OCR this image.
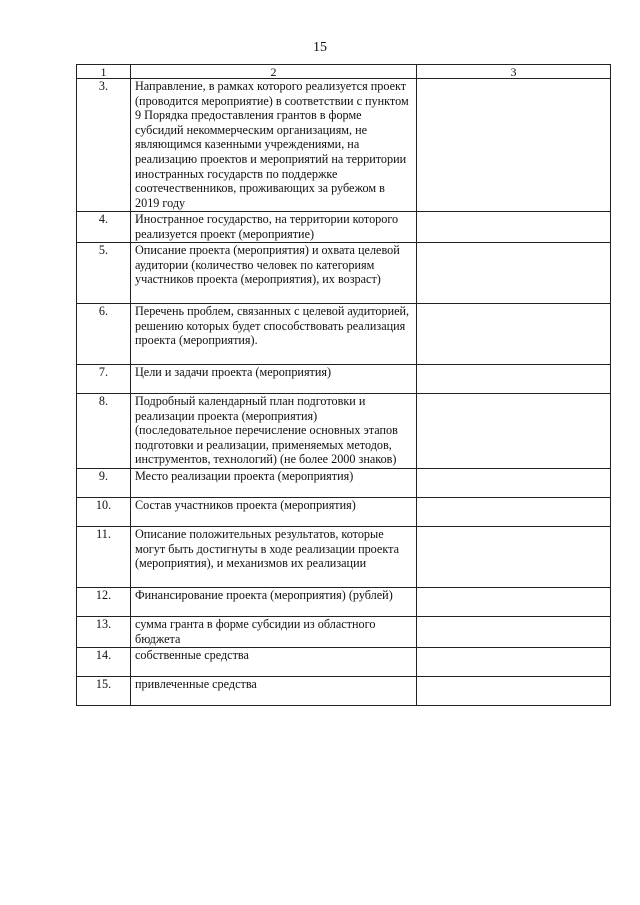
15
1	2	3
3.	Направление, в рамках которого реализуется проект (проводится мероприятие) в соответствии с пунктом 9 Порядка предоставления грантов в форме субсидий некоммерческим организациям, не являющимся казенными учреждениями, на реализацию проектов и мероприятий на территории иностранных государств по поддержке соотечественников, проживающих за рубежом в 2019 году	
4.	Иностранное государство, на территории которого реализуется проект (мероприятие)	
5.	Описание проекта (мероприятия) и охвата целевой аудитории (количество человек по категориям участников проекта (мероприятия), их возраст)	
6.	Перечень проблем, связанных с целевой аудиторией, решению которых будет способствовать реализация проекта (мероприятия).	
7.	Цели и задачи проекта (мероприятия)	
8.	Подробный календарный план подготовки и реализации проекта (мероприятия) (последовательное перечисление основных этапов подготовки и реализации, применяемых методов, инструментов, технологий) (не более 2000 знаков)	
9.	Место реализации проекта (мероприятия)	
10.	Состав участников проекта (мероприятия)	
11.	Описание положительных результатов, которые могут быть достигнуты в ходе реализации проекта (мероприятия), и механизмов их реализации	
12.	Финансирование проекта (мероприятия) (рублей)	
13.	сумма гранта в форме субсидии из областного бюджета	
14.	собственные средства	
15.	привлеченные средства	
